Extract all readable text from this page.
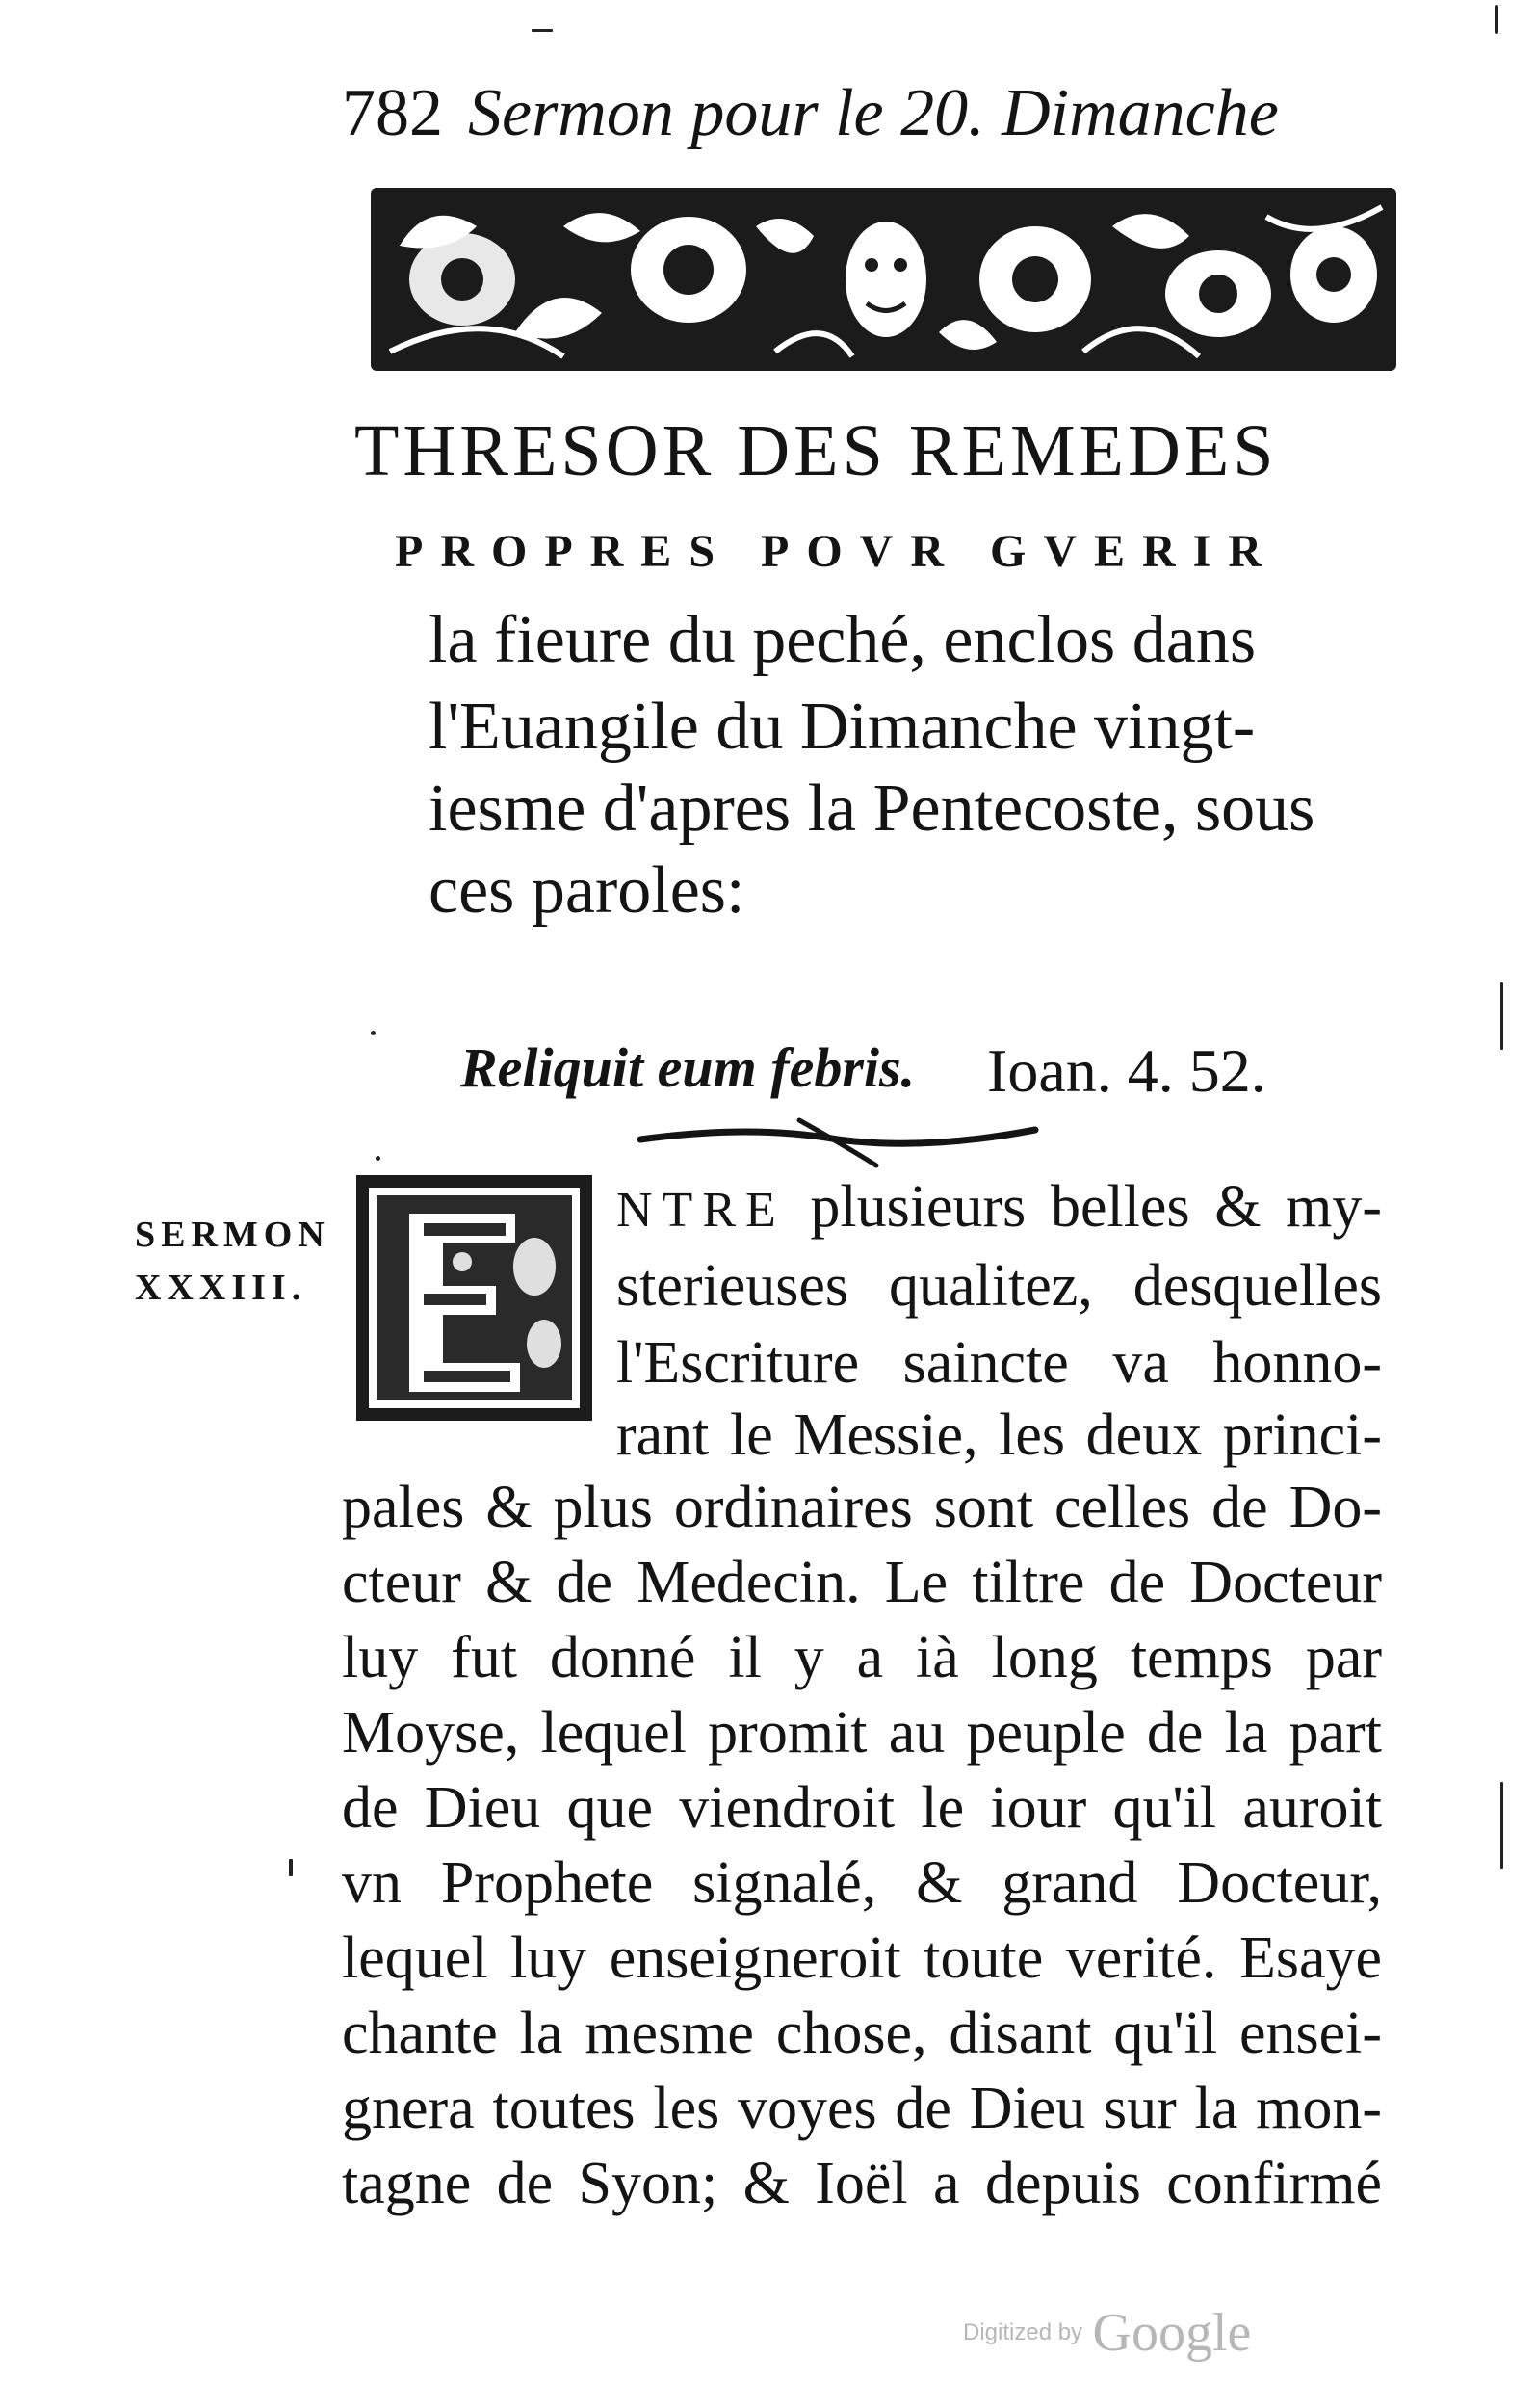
782 Sermon pour le 20. Dimanche
THRESOR DES REMEDES
PROPRES POVR GVERIR
la fieure du peché, enclos dans
l'Euangile du Dimanche vingt-
iesme d'apres la Pentecoste, sous
ces paroles:
Reliquit eum febris. Ioan. 4. 52.
SERMON
XXXIII.
NTRE plusieurs belles & my-
sterieuses qualitez, desquelles
l'Escriture saincte va honno-
rant le Messie, les deux princi-
pales & plus ordinaires sont celles de Do-
cteur & de Medecin. Le tiltre de Docteur
luy fut donné il y a ià long temps par
Moyse, lequel promit au peuple de la part
de Dieu que viendroit le iour qu'il auroit
vn Prophete signalé, & grand Docteur,
lequel luy enseigneroit toute verité. Esaye
chante la mesme chose, disant qu'il ensei-
gnera toutes les voyes de Dieu sur la mon-
tagne de Syon; & Ioël a depuis confirmé
Digitized by Google
